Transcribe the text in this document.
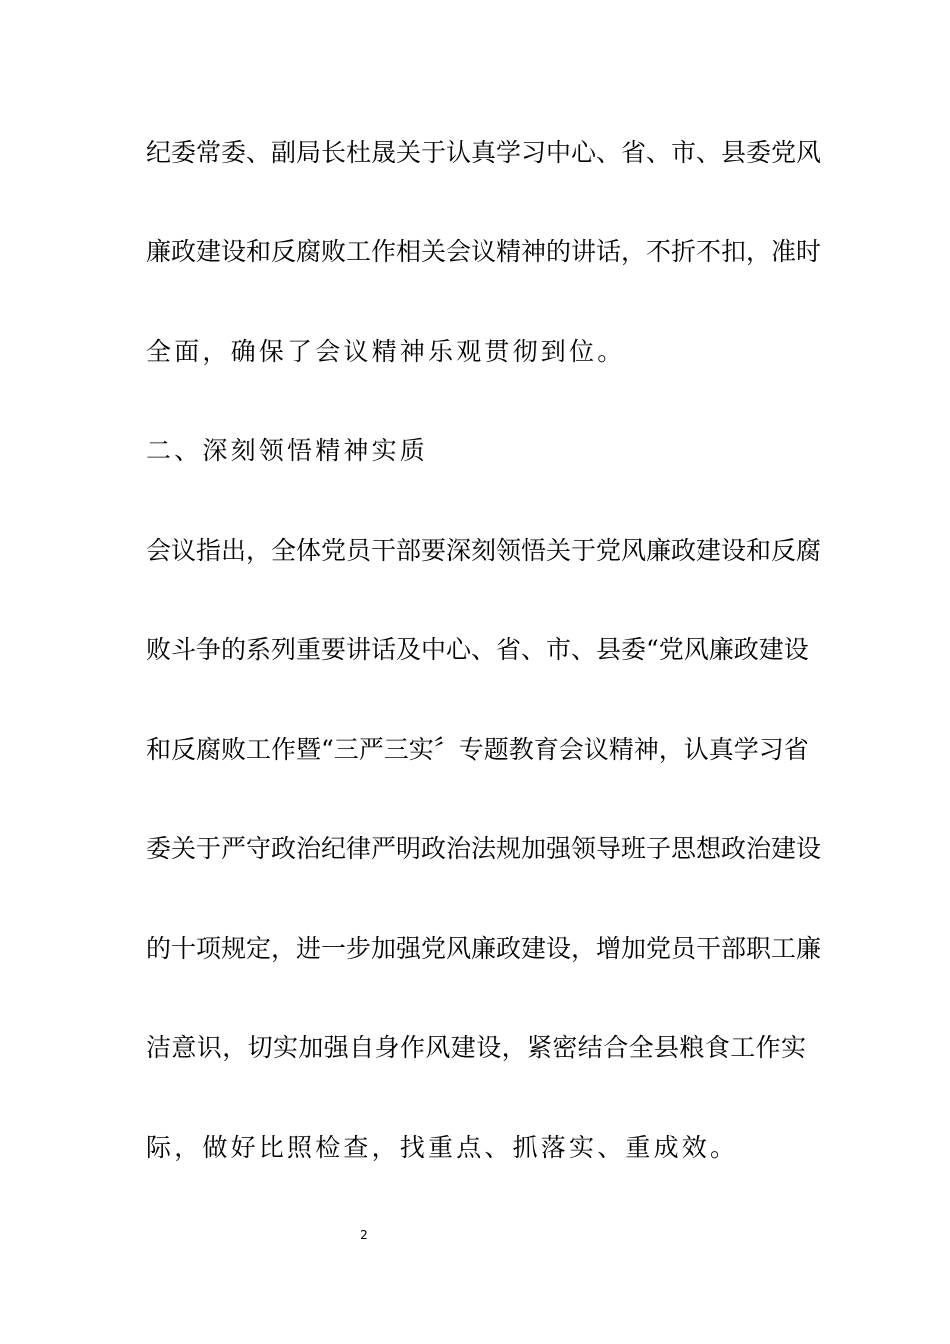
纪委常委、副局长杜晟关于认真学习中心、省、市、县委党风
廉政建设和反腐败工作相关会议精神的讲话，不折不扣，准时
全面，确保了会议精神乐观贯彻到位。
二、深刻领悟精神实质
会议指出，全体党员干部要深刻领悟关于党风廉政建设和反腐
败斗争的系列重要讲话及中心、省、市、县委“党风廉政建设
和反腐败工作暨“三严三实〞专题教育会议精神，认真学习省
委关于严守政治纪律严明政治法规加强领导班子思想政治建设
的十项规定，进一步加强党风廉政建设，增加党员干部职工廉
洁意识，切实加强自身作风建设，紧密结合全县粮食工作实
际，做好比照检查，找重点、抓落实、重成效。
2
